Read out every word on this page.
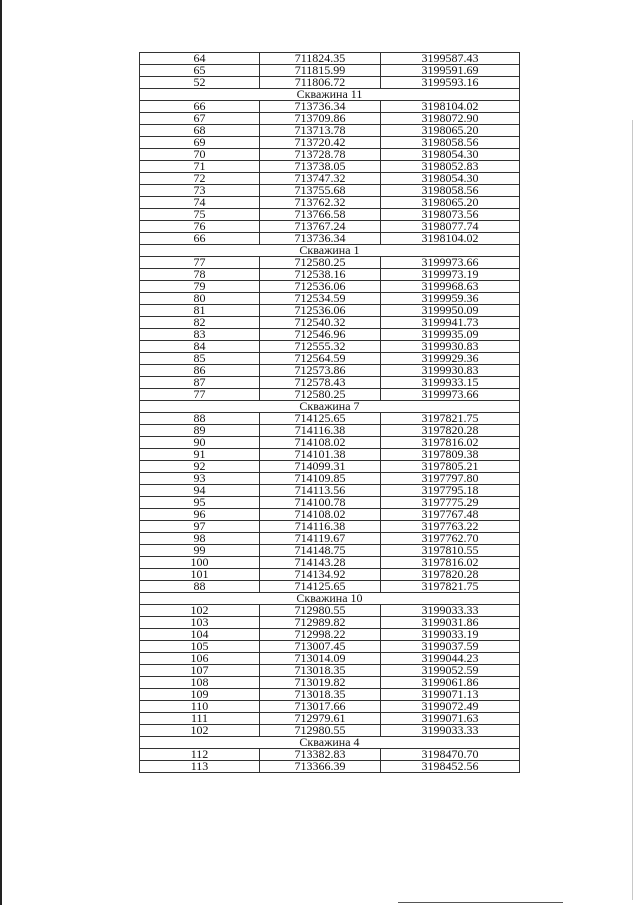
64	711824.35	3199587.43
65	711815.99	3199591.69
52	711806.72	3199593.16
Скважина 11		
66	713736.34	3198104.02
67	713709.86	3198072.90
68	713713.78	3198065.20
69	713720.42	3198058.56
70	713728.78	3198054.30
71	713738.05	3198052.83
72	713747.32	3198054.30
73	713755.68	3198058.56
74	713762.32	3198065.20
75	713766.58	3198073.56
76	713767.24	3198077.74
66	713736.34	3198104.02
Скважина 1		
77	712580.25	3199973.66
78	712538.16	3199973.19
79	712536.06	3199968.63
80	712534.59	3199959.36
81	712536.06	3199950.09
82	712540.32	3199941.73
83	712546.96	3199935.09
84	712555.32	3199930.83
85	712564.59	3199929.36
86	712573.86	3199930.83
87	712578.43	3199933.15
77	712580.25	3199973.66
Скважина 7		
88	714125.65	3197821.75
89	714116.38	3197820.28
90	714108.02	3197816.02
91	714101.38	3197809.38
92	714099.31	3197805.21
93	714109.85	3197797.80
94	714113.56	3197795.18
95	714100.78	3197775.29
96	714108.02	3197767.48
97	714116.38	3197763.22
98	714119.67	3197762.70
99	714148.75	3197810.55
100	714143.28	3197816.02
101	714134.92	3197820.28
88	714125.65	3197821.75
Скважина 10		
102	712980.55	3199033.33
103	712989.82	3199031.86
104	712998.22	3199033.19
105	713007.45	3199037.59
106	713014.09	3199044.23
107	713018.35	3199052.59
108	713019.82	3199061.86
109	713018.35	3199071.13
110	713017.66	3199072.49
111	712979.61	3199071.63
102	712980.55	3199033.33
Скважина 4		
112	713382.83	3198470.70
113	713366.39	3198452.56
